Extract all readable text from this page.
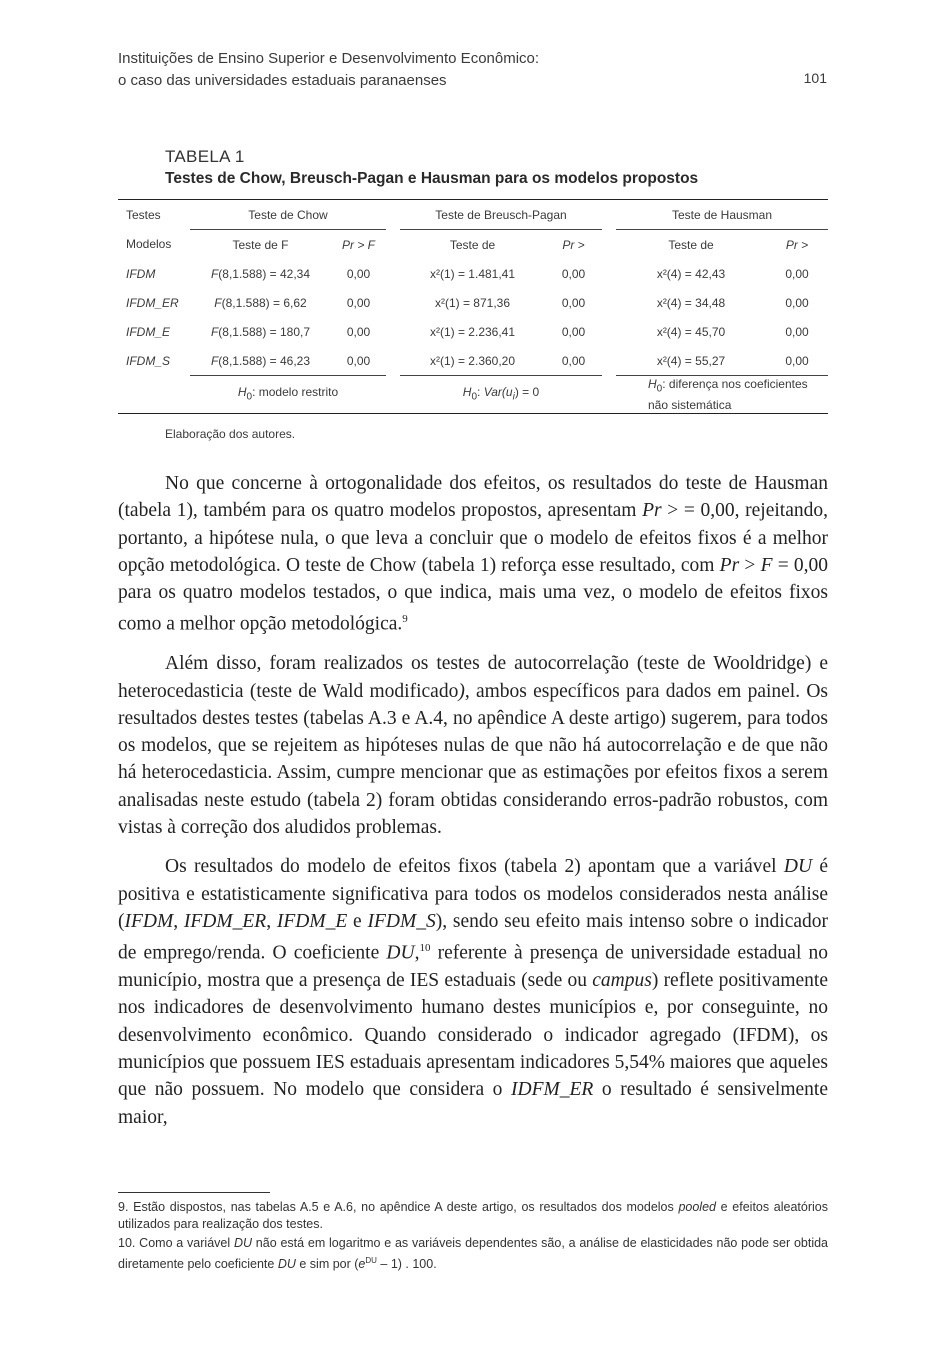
Instituições de Ensino Superior e Desenvolvimento Econômico:
o caso das universidades estaduais paranaenses	101
TABELA 1
Testes de Chow, Breusch-Pagan e Hausman para os modelos propostos

Testes	Teste de Chow			Teste de Breusch-Pagan			Teste de Hausman	
Modelos	Teste de F	Pr > F		Teste de	Pr >		Teste de	Pr >
IFDM	F(8,1.588) = 42,34	0,00		x²(1) = 1.481,41	0,00		x²(4) = 42,43	0,00
IFDM_ER	F(8,1.588) = 6,62	0,00		x²(1) = 871,36	0,00		x²(4) = 34,48	0,00
IFDM_E	F(8,1.588) = 180,7	0,00		x²(1) = 2.236,41	0,00		x²(4) = 45,70	0,00
IFDM_S	F(8,1.588) = 46,23	0,00		x²(1) = 2.360,20	0,00		x²(4) = 55,27	0,00
	$H_0$: modelo restrito			$H_0$: $Var(u_i) = 0$			$H_0$: diferença nos coeficientes
não sistemática	
Elaboração dos autores.

No que concerne à ortogonalidade dos efeitos, os resultados do teste de Hausman (tabela 1), também para os quatro modelos propostos, apresentam Pr > = 0,00, rejeitando, portanto, a hipótese nula, o que leva a concluir que o modelo de efeitos fixos é a melhor opção metodológica. O teste de Chow (tabela 1) reforça esse resultado, com Pr > F = 0,00 para os quatro modelos testados, o que indica, mais uma vez, o modelo de efeitos fixos como a melhor opção metodológica.$^9$

Além disso, foram realizados os testes de autocorrelação (teste de Wooldridge) e heterocedasticia (teste de Wald modificado), ambos específicos para dados em painel. Os resultados destes testes (tabelas A.3 e A.4, no apêndice A deste artigo) sugerem, para todos os modelos, que se rejeitem as hipóteses nulas de que não há autocorrelação e de que não há heterocedasticia. Assim, cumpre mencionar que as estimações por efeitos fixos a serem analisadas neste estudo (tabela 2) foram obtidas considerando erros-padrão robustos, com vistas à correção dos aludidos problemas.

Os resultados do modelo de efeitos fixos (tabela 2) apontam que a variável DU é positiva e estatisticamente significativa para todos os modelos considerados nesta análise (IFDM, IFDM_ER, IFDM_E e IFDM_S), sendo seu efeito mais intenso sobre o indicador de emprego/renda. O coeficiente DU,$^{10}$ referente à presença de universidade estadual no município, mostra que a presença de IES estaduais (sede ou campus) reflete positivamente nos indicadores de desenvolvimento humano destes municípios e, por conseguinte, no desenvolvimento econômico. Quando considerado o indicador agregado (IFDM), os municípios que possuem IES estaduais apresentam indicadores 5,54% maiores que aqueles que não possuem. No modelo que considera o IDFM_ER o resultado é sensivelmente maior,

9. Estão dispostos, nas tabelas A.5 e A.6, no apêndice A deste artigo, os resultados dos modelos pooled e efeitos aleatórios utilizados para realização dos testes.

10. Como a variável DU não está em logaritmo e as variáveis dependentes são, a análise de elasticidades não pode ser obtida diretamente pelo coeficiente DU e sim por $(e^{DU} - 1)$ . 100.
